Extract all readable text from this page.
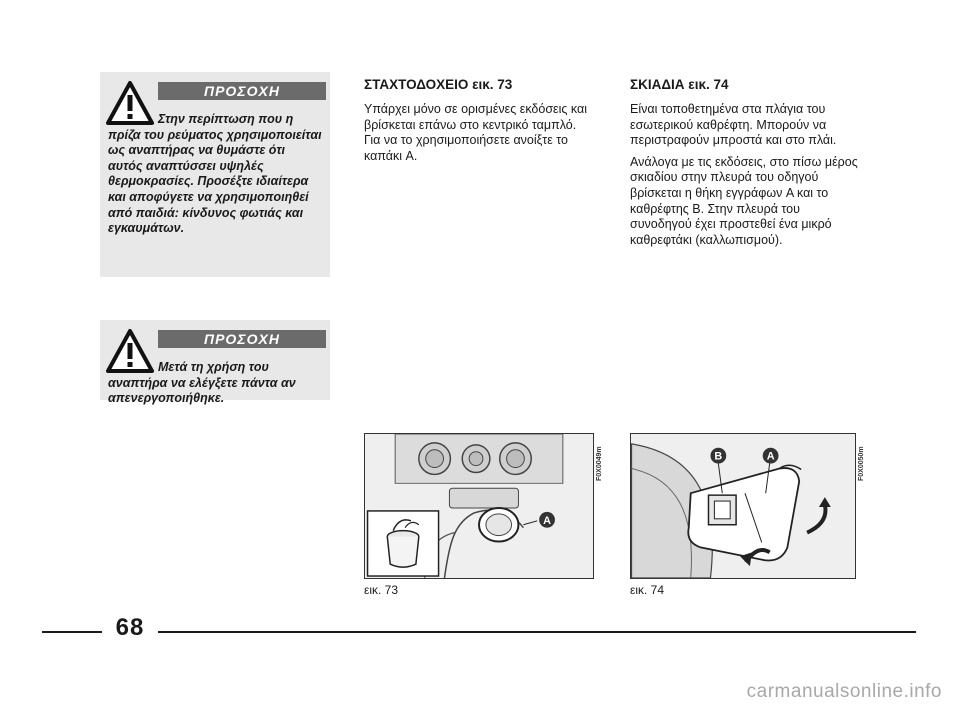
ΠΡΟΣΟΧΗ

Στην περίπτωση που η πρίζα του ρεύματος χρησιμοποιείται ως αναπτήρας να θυμάστε ότι αυτός αναπτύσσει υψηλές θερμοκρασίες. Προσέξτε ιδιαίτερα και αποφύγετε να χρησιμοποιηθεί από παιδιά: κίνδυνος φωτιάς και εγκαυμάτων.

ΠΡΟΣΟΧΗ

Μετά τη χρήση του αναπτήρα να ελέγξετε πάντα αν απενεργοποιήθηκε.

ΣΤΑΧΤΟΔΟΧΕΙΟ εικ. 73

Υπάρχει μόνο σε ορισμένες εκδόσεις και βρίσκεται επάνω στο κεντρικό ταμπλό.

Για να το χρησιμοποιήσετε ανοίξτε το καπάκι A.

ΣΚΙΑΔΙΑ εικ. 74

Είναι τοποθετημένα στα πλάγια του εσωτερικού καθρέφτη. Μπορούν να περιστραφούν μπροστά και στο πλάι.

Ανάλογα με τις εκδόσεις, στο πίσω μέρος σκιαδίου στην πλευρά του οδηγού βρίσκεται η θήκη εγγράφων A και το καθρέφτης B. Στην πλευρά του συνοδηγού έχει προστεθεί ένα μικρό καθρεφτάκι (καλλωπισμού).

A
F0X0049m
εικ. 73
B	A	F0X0050m
εικ. 74
68
carmanualsonline.info
